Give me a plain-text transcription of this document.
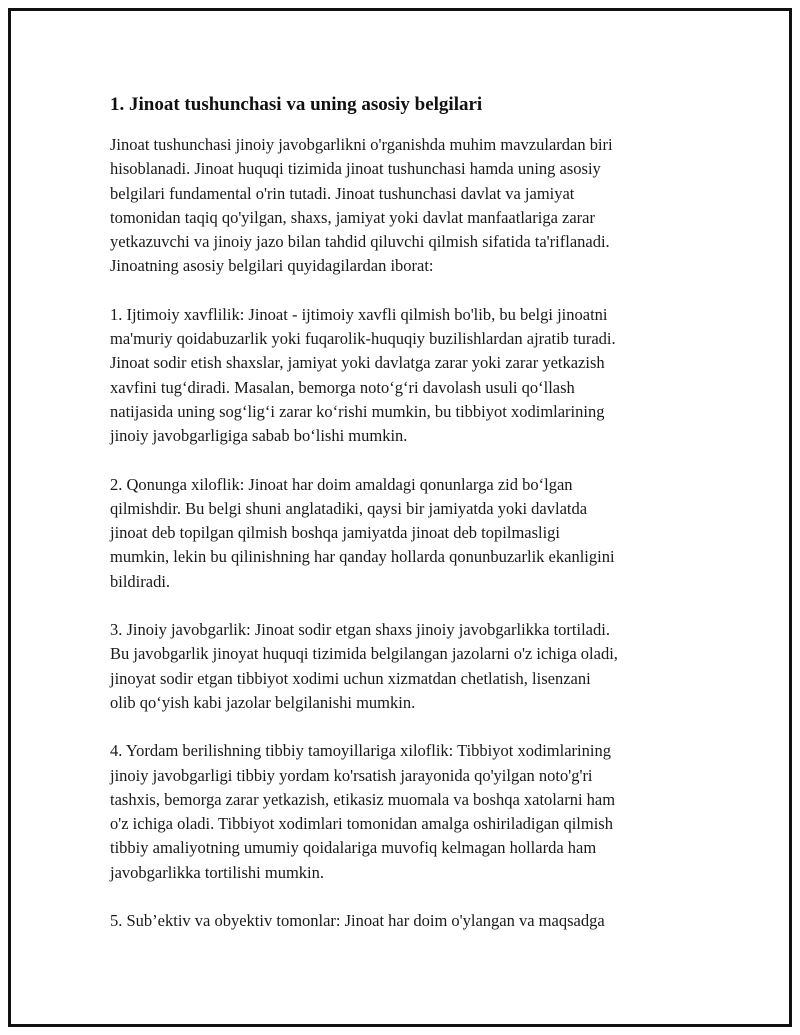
1. Jinoat tushunchasi va uning asosiy belgilari

Jinoat tushunchasi jinoiy javobgarlikni o'rganishda muhim mavzulardan biri
hisoblanadi. Jinoat huquqi tizimida jinoat tushunchasi hamda uning asosiy
belgilari fundamental o'rin tutadi. Jinoat tushunchasi davlat va jamiyat
tomonidan taqiq qo'yilgan, shaxs, jamiyat yoki davlat manfaatlariga zarar
yetkazuvchi va jinoiy jazo bilan tahdid qiluvchi qilmish sifatida ta'riflanadi.
Jinoatning asosiy belgilari quyidagilardan iborat:

1. Ijtimoiy xavflilik: Jinoat - ijtimoiy xavfli qilmish bo'lib, bu belgi jinoatni
ma'muriy qoidabuzarlik yoki fuqarolik-huquqiy buzilishlardan ajratib turadi.
Jinoat sodir etish shaxslar, jamiyat yoki davlatga zarar yoki zarar yetkazish
xavfini tug‘diradi. Masalan, bemorga noto‘g‘ri davolash usuli qo‘llash
natijasida uning sog‘lig‘i zarar ko‘rishi mumkin, bu tibbiyot xodimlarining
jinoiy javobgarligiga sabab bo‘lishi mumkin.

2. Qonunga xiloflik: Jinoat har doim amaldagi qonunlarga zid bo‘lgan
qilmishdir. Bu belgi shuni anglatadiki, qaysi bir jamiyatda yoki davlatda
jinoat deb topilgan qilmish boshqa jamiyatda jinoat deb topilmasligi
mumkin, lekin bu qilinishning har qanday hollarda qonunbuzarlik ekanligini
bildiradi.

3. Jinoiy javobgarlik: Jinoat sodir etgan shaxs jinoiy javobgarlikka tortiladi.
Bu javobgarlik jinoyat huquqi tizimida belgilangan jazolarni o'z ichiga oladi,
jinoyat sodir etgan tibbiyot xodimi uchun xizmatdan chetlatish, lisenzani
olib qo‘yish kabi jazolar belgilanishi mumkin.

4. Yordam berilishning tibbiy tamoyillariga xiloflik: Tibbiyot xodimlarining
jinoiy javobgarligi tibbiy yordam ko'rsatish jarayonida qo'yilgan noto'g'ri
tashxis, bemorga zarar yetkazish, etikasiz muomala va boshqa xatolarni ham
o'z ichiga oladi. Tibbiyot xodimlari tomonidan amalga oshiriladigan qilmish
tibbiy amaliyotning umumiy qoidalariga muvofiq kelmagan hollarda ham
javobgarlikka tortilishi mumkin.

5. Sub’ektiv va obyektiv tomonlar: Jinoat har doim o'ylangan va maqsadga
